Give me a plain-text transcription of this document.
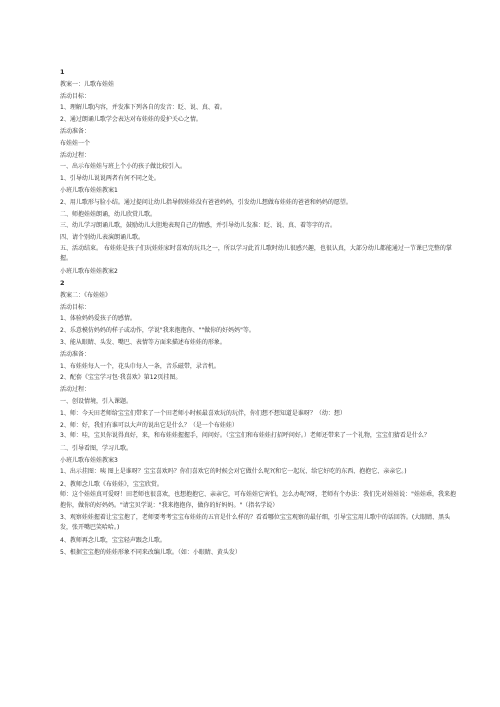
1
教案一：儿歌布娃娃
活动目标：
1、理解儿歌内容，并发准下列各自的发音：眨、说、真、着。
2、通过朗诵儿歌学会表达对布娃娃的爱护关心之情。
活动准备：
布娃娃一个
活动过程：
一、出示布娃娃与班上个小的孩子做比较引入。
1、引导幼儿说说两者有何不同之处。
小班儿歌布娃娃教案1
2、用儿歌形与脸小结。通过提问让幼儿指导假娃娃没有爸爸妈妈，引发幼儿想做布娃娃的爸爸和妈妈的愿望。
二、师抱娃娃朗诵，幼儿欣赏儿歌。
三、幼儿学习朗诵儿歌，鼓励幼儿大胆地表现自己的情感，并引导幼儿发准：眨、说、真、着等字的音。
四、请个别幼儿表演朗诵儿歌。
五、活动结束。 布娃娃是孩子们玩娃娃家时喜欢的玩具之一，所以学习此首儿歌时幼儿很感兴趣，也很认真，大部分幼儿都能通过一节课已完整的掌握。
小班儿歌布娃娃教案2
2
教案二：《布娃娃》
活动目标：
1、体验妈妈爱孩子的感情。
2、乐意模仿妈妈的样子或动作，学说"我来抱抱你、""做你的好妈妈"等。
3、能从眼睛、头发、嘴巴、表情等方面来描述布娃娃的形象。
活动准备：
1、布娃娃每人一个，花头巾每人一条，音乐磁带，录音机。
2、配套《宝宝学习包·我喜欢》第12页挂图。
活动过程：
一、创设情境，引入课题。
1、师：今天田老师给宝宝们带来了一个田老师小时候最喜欢玩的玩伴，你们想不想知道是谁呀？（幼：想）
2、师：好，我们有谁可以大声的说出它是什么？（是一个布娃娃）
3、师：哇，宝贝你说得真好，来，和布娃娃握握手，问问好。（宝宝们和布娃娃打招呼问好。）老师还带来了一个礼物，宝宝们猜看是什么？
二、引导看图，学习儿歌。
小班儿歌布娃娃教案3
1、出示挂图：咦 图上是谁呀？宝宝喜欢吗？你们喜欢它的时候会对它做什么呢?(和它一起玩、给它好吃的东西、抱抱它、亲亲它。)
2、教师念儿歌《布娃娃》，宝宝欣赏。
师：这个娃娃真可爱呀！田老师也很喜欢，也想抱抱它、亲亲它，可布娃娃它害怕，怎么办呢?呀，老师有个办法：我们先对娃娃说："娃娃乖，我来抱抱你，做你的好妈妈。"请宝贝学说："我来抱抱你，做你的好妈妈。"（指名学说）
3、观察娃娃握着让宝宝抱了，老师要考考宝宝布娃娃的五官是什么样的？看看哪位宝宝观察的最仔细，引导宝宝用儿歌中的话回答。(大眼睛、黑头发，张开嘴巴笑哈哈。)
4、教师再念儿歌，宝宝轻声跟念儿歌。
5、根据宝宝抱的娃娃形象不同来改编儿歌。（如：小眼睛、黄头发）
